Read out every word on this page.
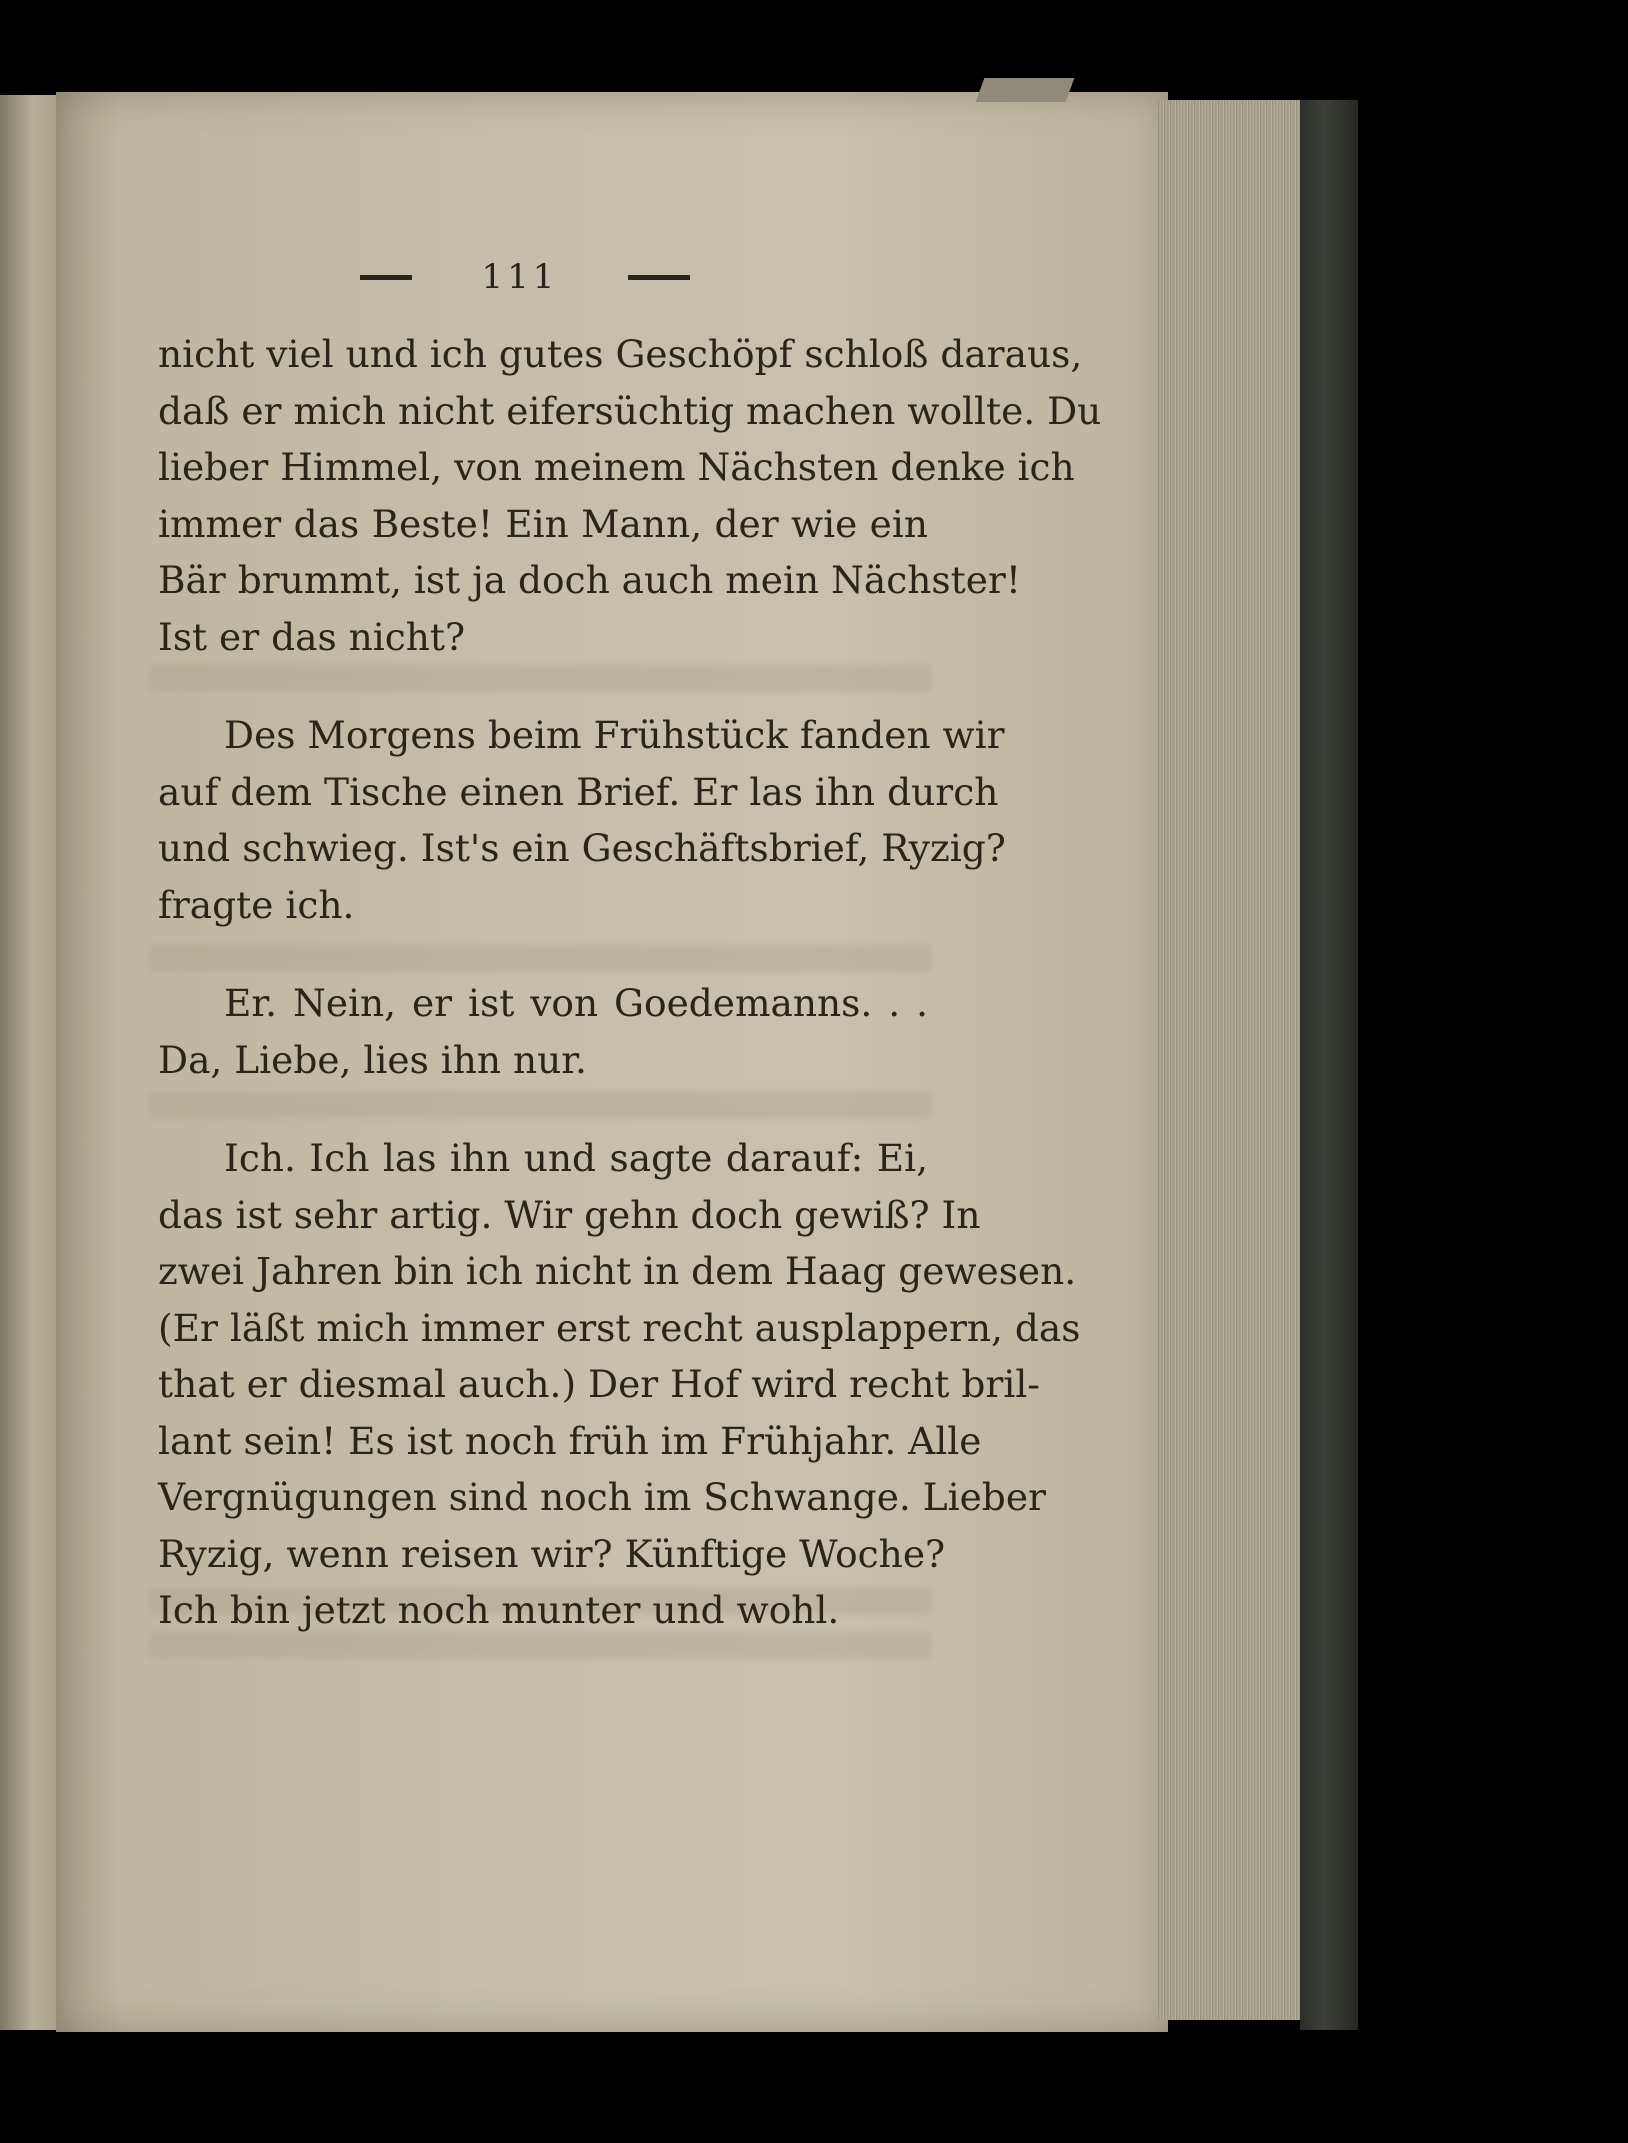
111
nicht viel und ich gutes Geschöpf schloß daraus,
daß er mich nicht eifersüchtig machen wollte. Du
lieber Himmel, von meinem Nächsten denke ich
immer das Beste! Ein Mann, der wie ein
Bär brummt, ist ja doch auch mein Nächster!
Ist er das nicht?
Des Morgens beim Frühstück fanden wir
auf dem Tische einen Brief. Er las ihn durch
und schwieg. Ist's ein Geschäftsbrief, Ryzig?
fragte ich.
Er. Nein, er ist von Goedemanns. . .
Da, Liebe, lies ihn nur.
Ich. Ich las ihn und sagte darauf: Ei,
das ist sehr artig. Wir gehn doch gewiß? In
zwei Jahren bin ich nicht in dem Haag gewesen.
(Er läßt mich immer erst recht ausplappern, das
that er diesmal auch.) Der Hof wird recht bril-
lant sein! Es ist noch früh im Frühjahr. Alle
Vergnügungen sind noch im Schwange. Lieber
Ryzig, wenn reisen wir? Künftige Woche?
Ich bin jetzt noch munter und wohl.
